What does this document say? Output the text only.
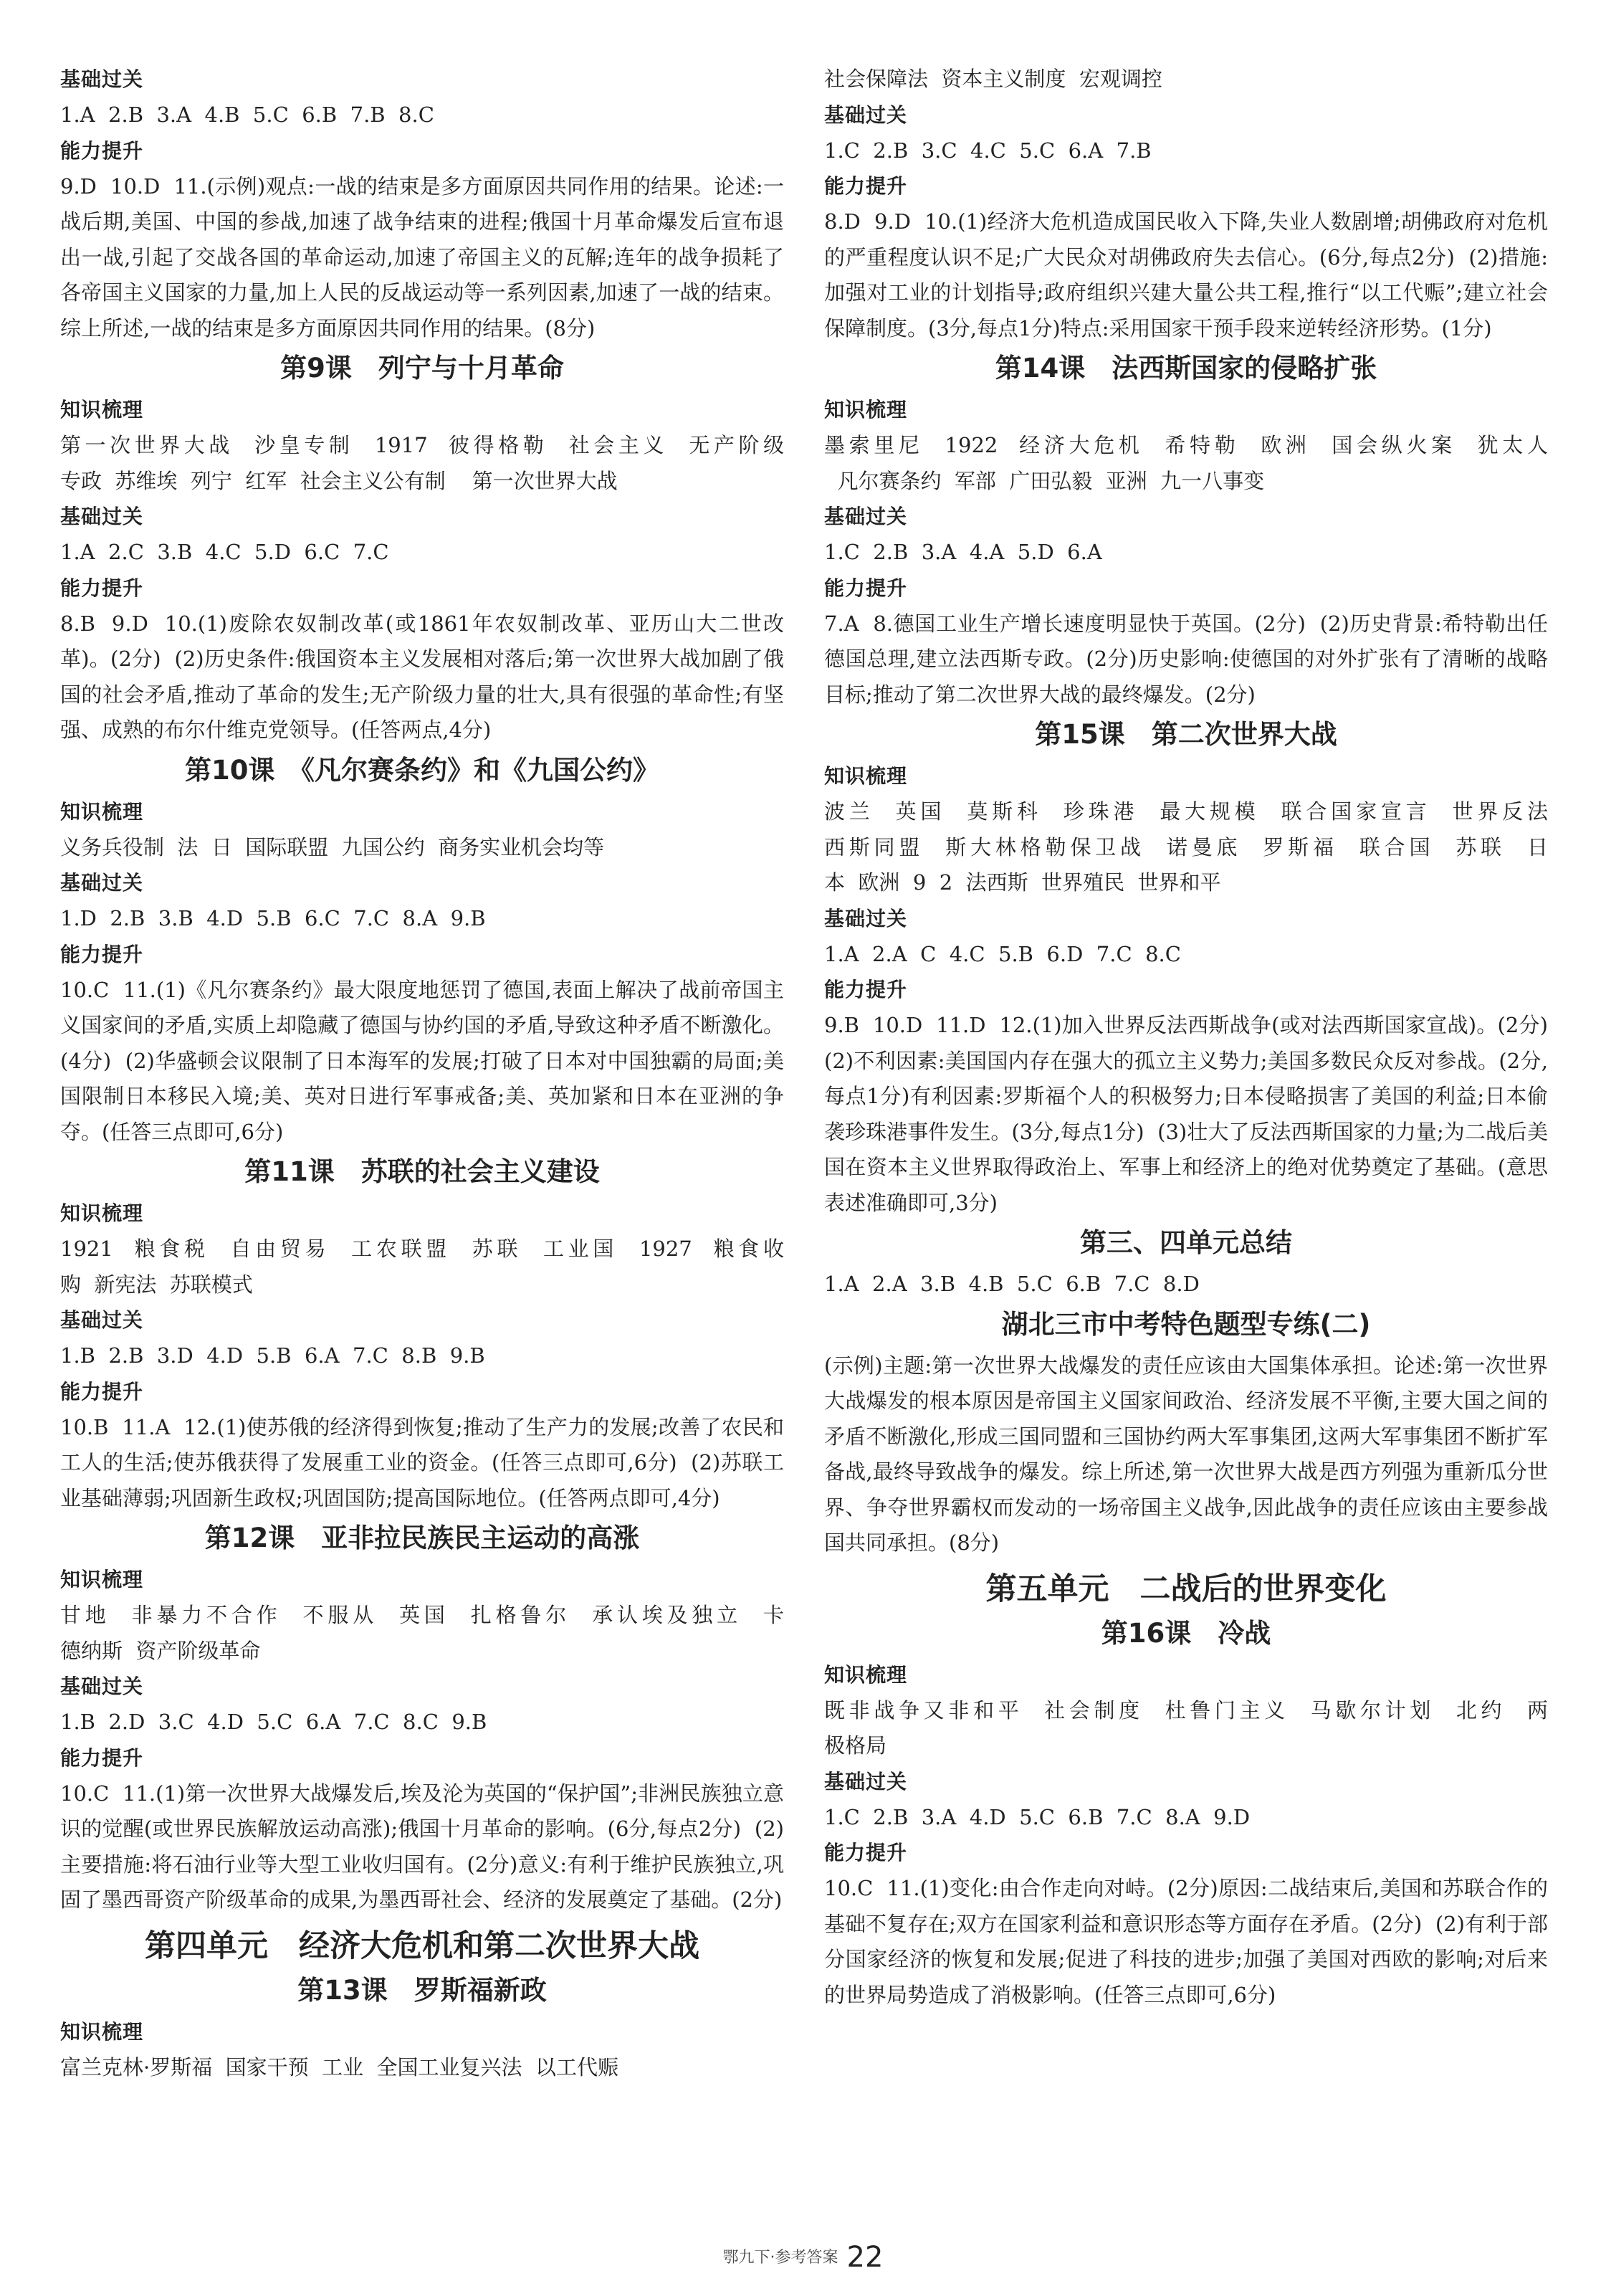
基础过关

1.A  2.B  3.A  4.B  5.C  6.B  7.B  8.C

能力提升

9.D  10.D  11.(示例)观点:一战的结束是多方面原因共同作用的结果。论述:一战后期,美国、中国的参战,加速了战争结束的进程;俄国十月革命爆发后宣布退出一战,引起了交战各国的革命运动,加速了帝国主义的瓦解;连年的战争损耗了各帝国主义国家的力量,加上人民的反战运动等一系列因素,加速了一战的结束。综上所述,一战的结束是多方面原因共同作用的结果。(8分)

第9课　列宁与十月革命
知识梳理

第一次世界大战  沙皇专制  1917  彼得格勒  社会主义  无产阶级

专政  苏维埃  列宁  红军  社会主义公有制    第一次世界大战

基础过关

1.A  2.C  3.B  4.C  5.D  6.C  7.C

能力提升

8.B  9.D  10.(1)废除农奴制改革(或1861年农奴制改革、亚历山大二世改革)。(2分)  (2)历史条件:俄国资本主义发展相对落后;第一次世界大战加剧了俄国的社会矛盾,推动了革命的发生;无产阶级力量的壮大,具有很强的革命性;有坚强、成熟的布尔什维克党领导。(任答两点,4分)

第10课　《凡尔赛条约》和《九国公约》
知识梳理

义务兵役制  法  日  国际联盟  九国公约  商务实业机会均等

基础过关

1.D  2.B  3.B  4.D  5.B  6.C  7.C  8.A  9.B

能力提升

10.C  11.(1)《凡尔赛条约》最大限度地惩罚了德国,表面上解决了战前帝国主义国家间的矛盾,实质上却隐藏了德国与协约国的矛盾,导致这种矛盾不断激化。(4分)  (2)华盛顿会议限制了日本海军的发展;打破了日本对中国独霸的局面;美国限制日本移民入境;美、英对日进行军事戒备;美、英加紧和日本在亚洲的争夺。(任答三点即可,6分)

第11课　苏联的社会主义建设
知识梳理

1921  粮食税  自由贸易  工农联盟  苏联  工业国  1927  粮食收

购  新宪法  苏联模式

基础过关

1.B  2.B  3.D  4.D  5.B  6.A  7.C  8.B  9.B

能力提升

10.B  11.A  12.(1)使苏俄的经济得到恢复;推动了生产力的发展;改善了农民和工人的生活;使苏俄获得了发展重工业的资金。(任答三点即可,6分)  (2)苏联工业基础薄弱;巩固新生政权;巩固国防;提高国际地位。(任答两点即可,4分)

第12课　亚非拉民族民主运动的高涨
知识梳理

甘地  非暴力不合作  不服从  英国  扎格鲁尔  承认埃及独立  卡

德纳斯  资产阶级革命

基础过关

1.B  2.D  3.C  4.D  5.C  6.A  7.C  8.C  9.B

能力提升

10.C  11.(1)第一次世界大战爆发后,埃及沦为英国的“保护国”;非洲民族独立意识的觉醒(或世界民族解放运动高涨);俄国十月革命的影响。(6分,每点2分)  (2)主要措施:将石油行业等大型工业收归国有。(2分)意义:有利于维护民族独立,巩固了墨西哥资产阶级革命的成果,为墨西哥社会、经济的发展奠定了基础。(2分)

第四单元　经济大危机和第二次世界大战
第13课　罗斯福新政
知识梳理

富兰克林·罗斯福  国家干预  工业  全国工业复兴法  以工代赈

社会保障法  资本主义制度  宏观调控

基础过关

1.C  2.B  3.C  4.C  5.C  6.A  7.B

能力提升

8.D  9.D  10.(1)经济大危机造成国民收入下降,失业人数剧增;胡佛政府对危机的严重程度认识不足;广大民众对胡佛政府失去信心。(6分,每点2分)  (2)措施:加强对工业的计划指导;政府组织兴建大量公共工程,推行“以工代赈”;建立社会保障制度。(3分,每点1分)特点:采用国家干预手段来逆转经济形势。(1分)

第14课　法西斯国家的侵略扩张
知识梳理

墨索里尼  1922  经济大危机  希特勒  欧洲  国会纵火案  犹太人

凡尔赛条约  军部  广田弘毅  亚洲  九一八事变

基础过关

1.C  2.B  3.A  4.A  5.D  6.A

能力提升

7.A  8.德国工业生产增长速度明显快于英国。(2分)  (2)历史背景:希特勒出任德国总理,建立法西斯专政。(2分)历史影响:使德国的对外扩张有了清晰的战略目标;推动了第二次世界大战的最终爆发。(2分)

第15课　第二次世界大战
知识梳理

波兰  英国  莫斯科  珍珠港  最大规模  联合国家宣言  世界反法

西斯同盟  斯大林格勒保卫战  诺曼底  罗斯福  联合国  苏联  日

本  欧洲  9  2  法西斯  世界殖民  世界和平

基础过关

1.A  2.A  C  4.C  5.B  6.D  7.C  8.C

能力提升

9.B  10.D  11.D  12.(1)加入世界反法西斯战争(或对法西斯国家宣战)。(2分)  (2)不利因素:美国国内存在强大的孤立主义势力;美国多数民众反对参战。(2分,每点1分)有利因素:罗斯福个人的积极努力;日本侵略损害了美国的利益;日本偷袭珍珠港事件发生。(3分,每点1分)  (3)壮大了反法西斯国家的力量;为二战后美国在资本主义世界取得政治上、军事上和经济上的绝对优势奠定了基础。(意思表述准确即可,3分)

第三、四单元总结

1.A  2.A  3.B  4.B  5.C  6.B  7.C  8.D

湖北三市中考特色题型专练(二)

(示例)主题:第一次世界大战爆发的责任应该由大国集体承担。论述:第一次世界大战爆发的根本原因是帝国主义国家间政治、经济发展不平衡,主要大国之间的矛盾不断激化,形成三国同盟和三国协约两大军事集团,这两大军事集团不断扩军备战,最终导致战争的爆发。综上所述,第一次世界大战是西方列强为重新瓜分世界、争夺世界霸权而发动的一场帝国主义战争,因此战争的责任应该由主要参战国共同承担。(8分)

第五单元　二战后的世界变化
第16课　冷战
知识梳理

既非战争又非和平  社会制度  杜鲁门主义  马歇尔计划  北约  两

极格局

基础过关

1.C  2.B  3.A  4.D  5.C  6.B  7.C  8.A  9.D

能力提升

10.C  11.(1)变化:由合作走向对峙。(2分)原因:二战结束后,美国和苏联合作的基础不复存在;双方在国家利益和意识形态等方面存在矛盾。(2分)  (2)有利于部分国家经济的恢复和发展;促进了科技的进步;加强了美国对西欧的影响;对后来的世界局势造成了消极影响。(任答三点即可,6分)

鄂九下·参考答案 22
